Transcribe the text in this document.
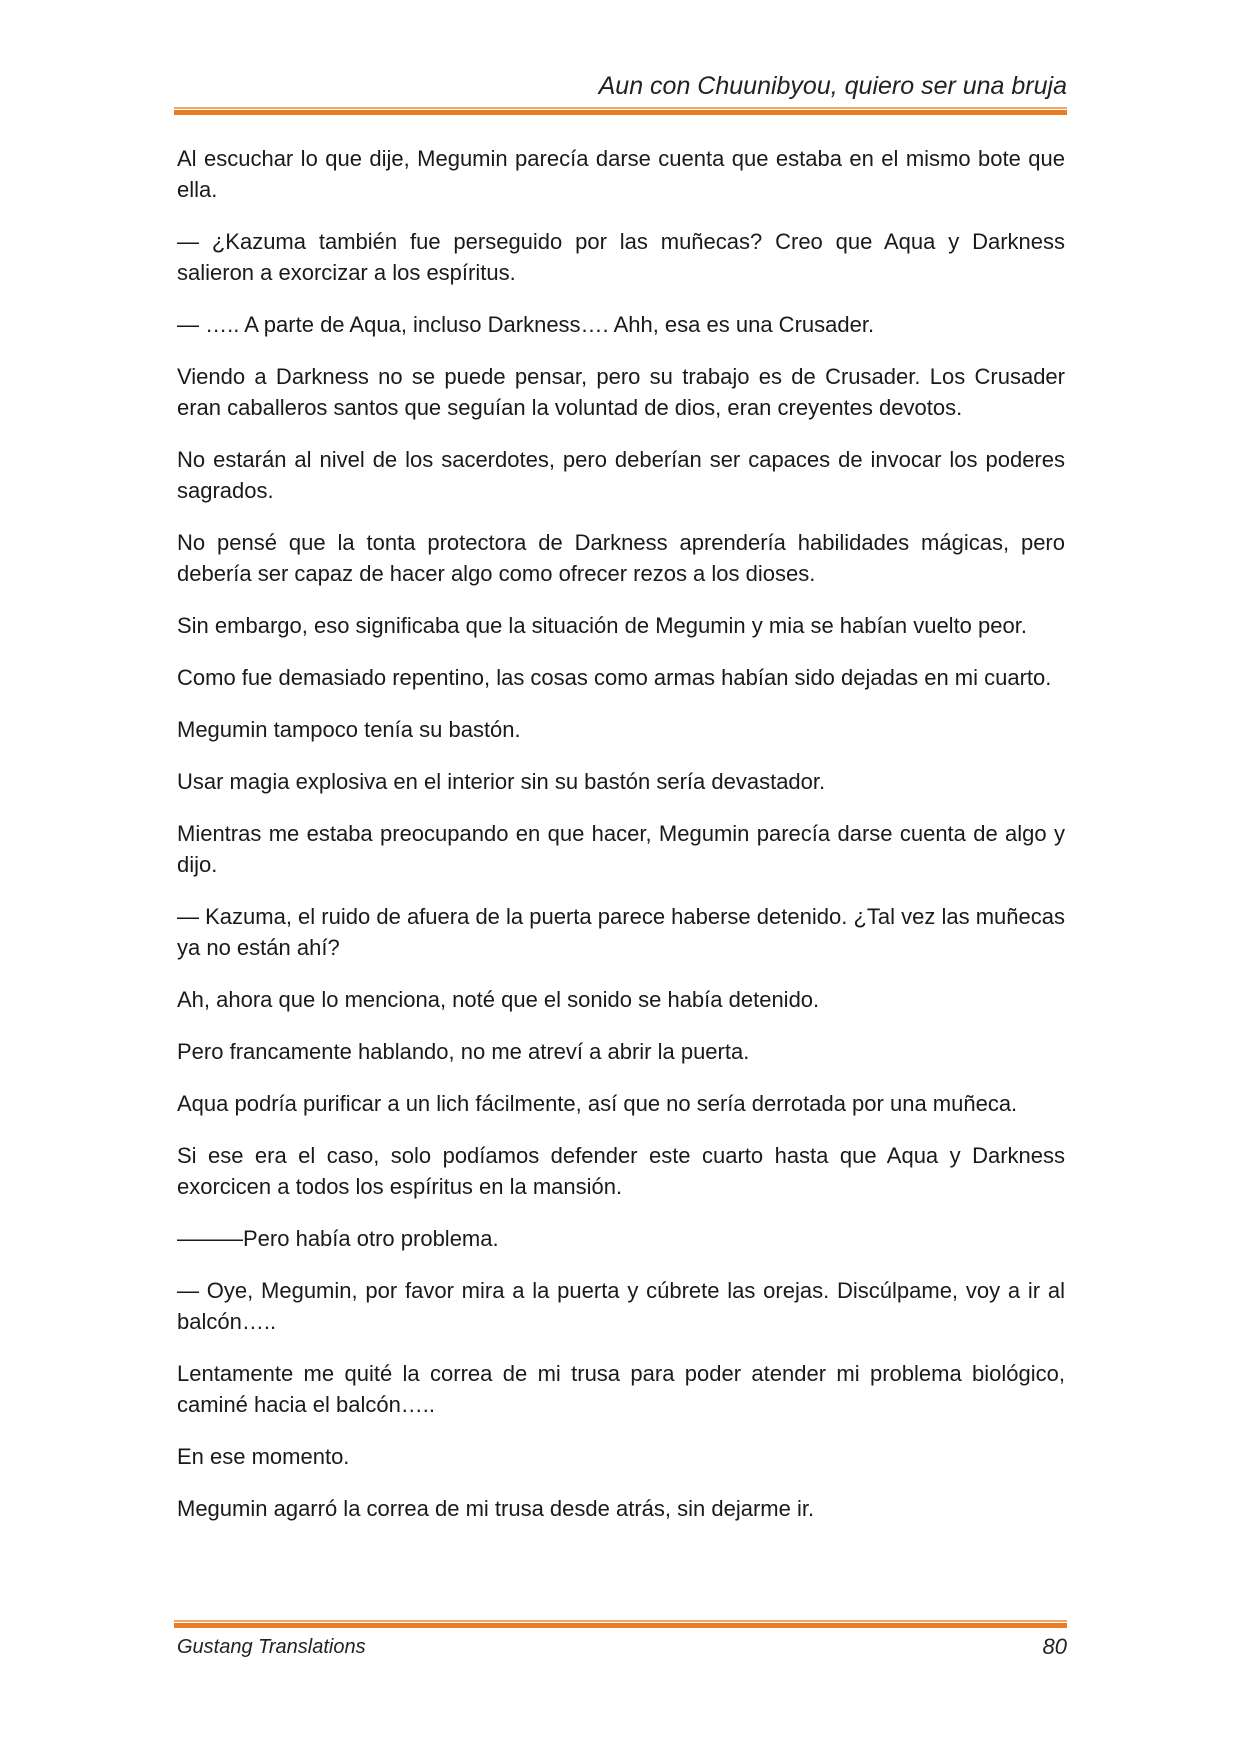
Aun con Chuunibyou, quiero ser una bruja

Al escuchar lo que dije, Megumin parecía darse cuenta que estaba en el mismo bote que ella.

— ¿Kazuma también fue perseguido por las muñecas? Creo que Aqua y Darkness salieron a exorcizar a los espíritus.

— ….. A parte de Aqua, incluso Darkness…. Ahh, esa es una Crusader.

Viendo a Darkness no se puede pensar, pero su trabajo es de Crusader. Los Crusader eran caballeros santos que seguían la voluntad de dios, eran creyentes devotos.

No estarán al nivel de los sacerdotes, pero deberían ser capaces de invocar los poderes sagrados.

No pensé que la tonta protectora de Darkness aprendería habilidades mágicas, pero debería ser capaz de hacer algo como ofrecer rezos a los dioses.

Sin embargo, eso significaba que la situación de Megumin y mia se habían vuelto peor.

Como fue demasiado repentino, las cosas como armas habían sido dejadas en mi cuarto.

Megumin tampoco tenía su bastón.

Usar magia explosiva en el interior sin su bastón sería devastador.

Mientras me estaba preocupando en que hacer, Megumin parecía darse cuenta de algo y dijo.

— Kazuma, el ruido de afuera de la puerta parece haberse detenido. ¿Tal vez las muñecas ya no están ahí?

Ah, ahora que lo menciona, noté que el sonido se había detenido.

Pero francamente hablando, no me atreví a abrir la puerta.

Aqua podría purificar a un lich fácilmente, así que no sería derrotada por una muñeca.

Si ese era el caso, solo podíamos defender este cuarto hasta que Aqua y Darkness exorcicen a todos los espíritus en la mansión.

———Pero había otro problema.

— Oye, Megumin, por favor mira a la puerta y cúbrete las orejas. Discúlpame, voy a ir al balcón…..

Lentamente me quité la correa de mi trusa para poder atender mi problema biológico, caminé hacia el balcón…..

En ese momento.

Megumin agarró la correa de mi trusa desde atrás, sin dejarme ir.

Gustang Translations	80
